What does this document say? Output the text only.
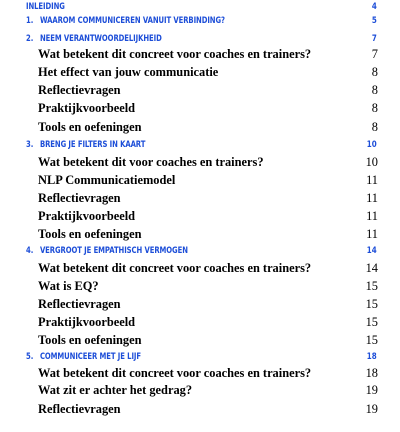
INLEIDING	4
1. WAAROM COMMUNICEREN VANUIT VERBINDING?	5
2. NEEM VERANTWOORDELIJKHEID	7
Wat betekent dit concreet voor coaches en trainers?	7
Het effect van jouw communicatie	8
Reflectievragen	8
Praktijkvoorbeeld	8
Tools en oefeningen	8
3. BRENG JE FILTERS IN KAART	10
Wat betekent dit voor coaches en trainers?	10
NLP Communicatiemodel	11
Reflectievragen	11
Praktijkvoorbeeld	11
Tools en oefeningen	11
4. VERGROOT JE EMPATHISCH VERMOGEN	14
Wat betekent dit concreet voor coaches en trainers?	14
Wat is EQ?	15
Reflectievragen	15
Praktijkvoorbeeld	15
Tools en oefeningen	15
5. COMMUNICEER MET JE LIJF	18
Wat betekent dit concreet voor coaches en trainers?	18
Wat zit er achter het gedrag?	19
Reflectievragen	19
